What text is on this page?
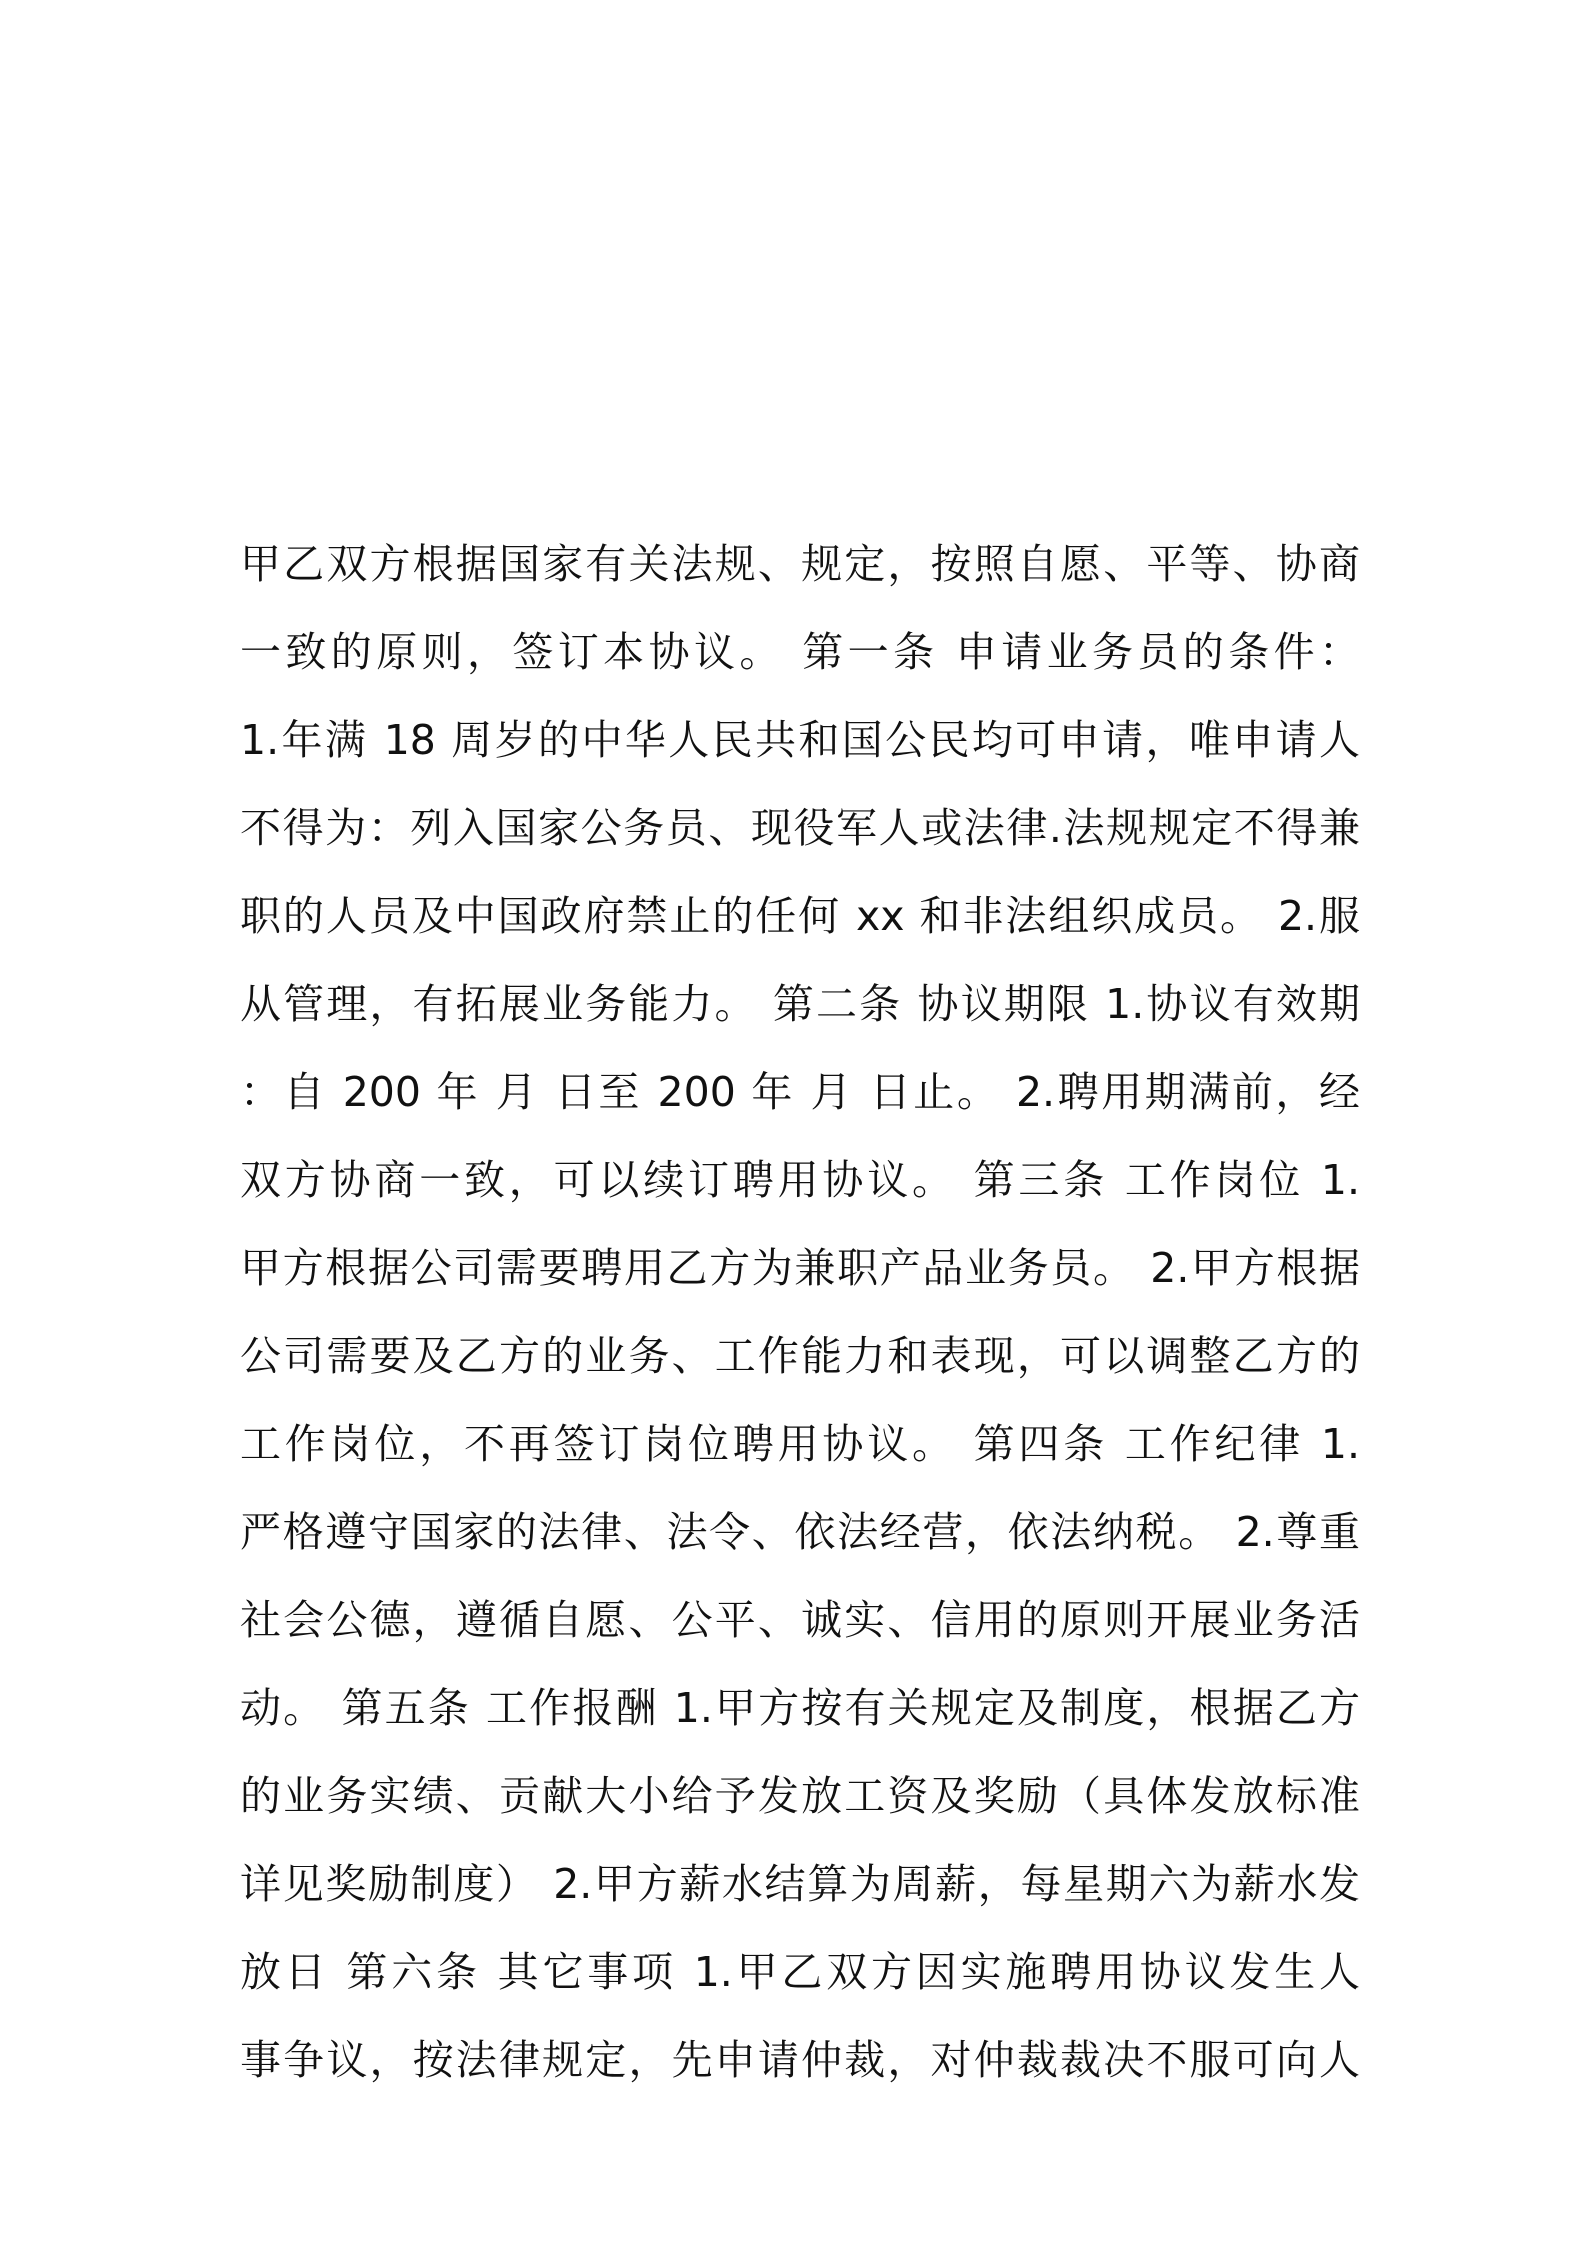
甲乙双方根据国家有关法规、规定，按照自愿、平等、协商
一致的原则，签订本协议。 第一条 申请业务员的条件：
1.年满 18 周岁的中华人民共和国公民均可申请，唯申请人
不得为：列入国家公务员、现役军人或法律.法规规定不得兼
职的人员及中国政府禁止的任何 xx 和非法组织成员。 2.服
从管理，有拓展业务能力。 第二条 协议期限 1.协议有效期
：自 200 年 月 日至 200 年 月 日止。 2.聘用期满前，经
双方协商一致，可以续订聘用协议。 第三条 工作岗位 1.
甲方根据公司需要聘用乙方为兼职产品业务员。 2.甲方根据
公司需要及乙方的业务、工作能力和表现，可以调整乙方的
工作岗位，不再签订岗位聘用协议。 第四条 工作纪律 1.
严格遵守国家的法律、法令、依法经营，依法纳税。 2.尊重
社会公德，遵循自愿、公平、诚实、信用的原则开展业务活
动。 第五条 工作报酬 1.甲方按有关规定及制度，根据乙方
的业务实绩、贡献大小给予发放工资及奖励（具体发放标准
详见奖励制度） 2.甲方薪水结算为周薪，每星期六为薪水发
放日 第六条 其它事项 1.甲乙双方因实施聘用协议发生人
事争议，按法律规定，先申请仲裁，对仲裁裁决不服可向人
